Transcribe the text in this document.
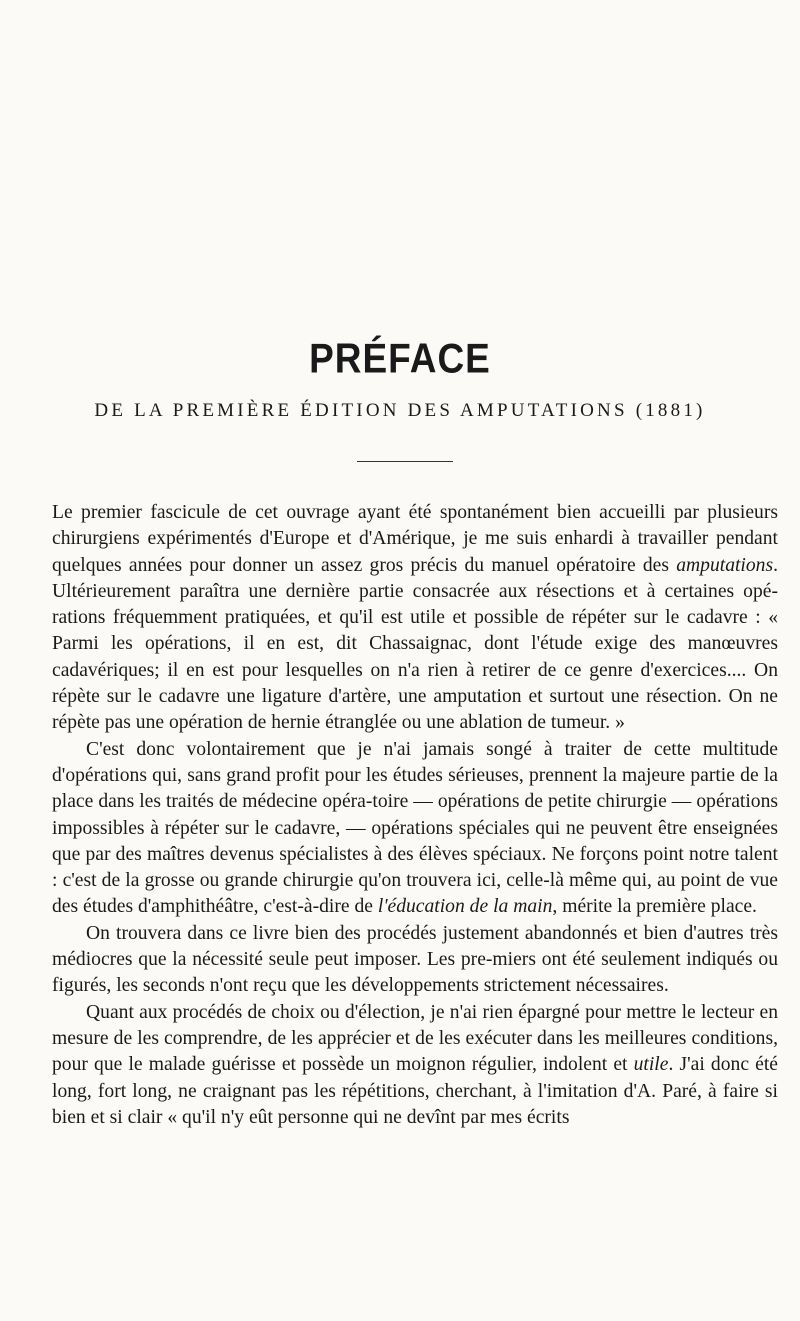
PRÉFACE
DE LA PREMIÈRE ÉDITION DES AMPUTATIONS (1881)

Le premier fascicule de cet ouvrage ayant été spontanément bien accueilli par plusieurs chirurgiens expérimentés d'Europe et d'Amérique, je me suis enhardi à travailler pendant quelques années pour donner un assez gros précis du manuel opératoire des amputations. Ultérieurement paraîtra une dernière partie consacrée aux résections et à certaines opé-rations fréquemment pratiquées, et qu'il est utile et possible de répéter sur le cadavre : « Parmi les opérations, il en est, dit Chassaignac, dont l'étude exige des manœuvres cadavériques; il en est pour lesquelles on n'a rien à retirer de ce genre d'exercices.... On répète sur le cadavre une ligature d'artère, une amputation et surtout une résection. On ne répète pas une opération de hernie étranglée ou une ablation de tumeur. »

C'est donc volontairement que je n'ai jamais songé à traiter de cette multitude d'opérations qui, sans grand profit pour les études sérieuses, prennent la majeure partie de la place dans les traités de médecine opéra-toire — opérations de petite chirurgie — opérations impossibles à répéter sur le cadavre, — opérations spéciales qui ne peuvent être enseignées que par des maîtres devenus spécialistes à des élèves spéciaux. Ne forçons point notre talent : c'est de la grosse ou grande chirurgie qu'on trouvera ici, celle-là même qui, au point de vue des études d'amphithéâtre, c'est-à-dire de l'éducation de la main, mérite la première place.

On trouvera dans ce livre bien des procédés justement abandonnés et bien d'autres très médiocres que la nécessité seule peut imposer. Les pre-miers ont été seulement indiqués ou figurés, les seconds n'ont reçu que les développements strictement nécessaires.

Quant aux procédés de choix ou d'élection, je n'ai rien épargné pour mettre le lecteur en mesure de les comprendre, de les apprécier et de les exécuter dans les meilleures conditions, pour que le malade guérisse et possède un moignon régulier, indolent et utile. J'ai donc été long, fort long, ne craignant pas les répétitions, cherchant, à l'imitation d'A. Paré, à faire si bien et si clair « qu'il n'y eût personne qui ne devînt par mes écrits
